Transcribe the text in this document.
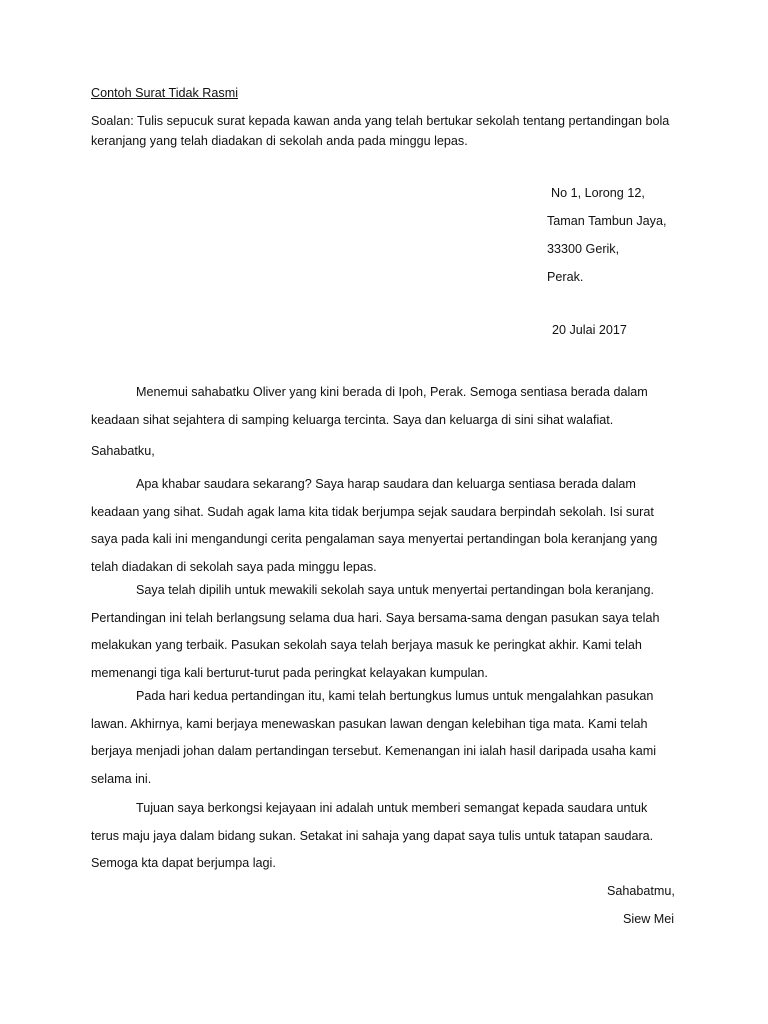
Contoh Surat Tidak Rasmi
Soalan: Tulis sepucuk surat kepada kawan anda yang telah bertukar sekolah tentang pertandingan bola
keranjang yang telah diadakan di sekolah anda pada minggu lepas.
No 1, Lorong 12,
Taman Tambun Jaya,
33300 Gerik,
Perak.
20 Julai 2017
Menemui sahabatku Oliver yang kini berada di Ipoh, Perak. Semoga sentiasa berada dalam
keadaan sihat sejahtera di samping keluarga tercinta. Saya dan keluarga di sini sihat walafiat.
Sahabatku,
Apa khabar saudara sekarang? Saya harap saudara dan keluarga sentiasa berada dalam
keadaan yang sihat. Sudah agak lama kita tidak berjumpa sejak saudara berpindah sekolah. Isi surat
saya pada kali ini mengandungi cerita pengalaman saya menyertai pertandingan bola keranjang yang
telah diadakan di sekolah saya pada minggu lepas.
Saya telah dipilih untuk mewakili sekolah saya untuk menyertai pertandingan bola keranjang.
Pertandingan ini telah berlangsung selama dua hari. Saya bersama-sama dengan pasukan saya telah
melakukan yang terbaik. Pasukan sekolah saya telah berjaya masuk ke peringkat akhir. Kami telah
memenangi tiga kali berturut-turut pada peringkat kelayakan kumpulan.
Pada hari kedua pertandingan itu, kami telah bertungkus lumus untuk mengalahkan pasukan
lawan. Akhirnya, kami berjaya menewaskan pasukan lawan dengan kelebihan tiga mata. Kami telah
berjaya menjadi johan dalam pertandingan tersebut. Kemenangan ini ialah hasil daripada usaha kami
selama ini.
Tujuan saya berkongsi kejayaan ini adalah untuk memberi semangat kepada saudara untuk
terus maju jaya dalam bidang sukan. Setakat ini sahaja yang dapat saya tulis untuk tatapan saudara.
Semoga kta dapat berjumpa lagi.
Sahabatmu,
Siew Mei
